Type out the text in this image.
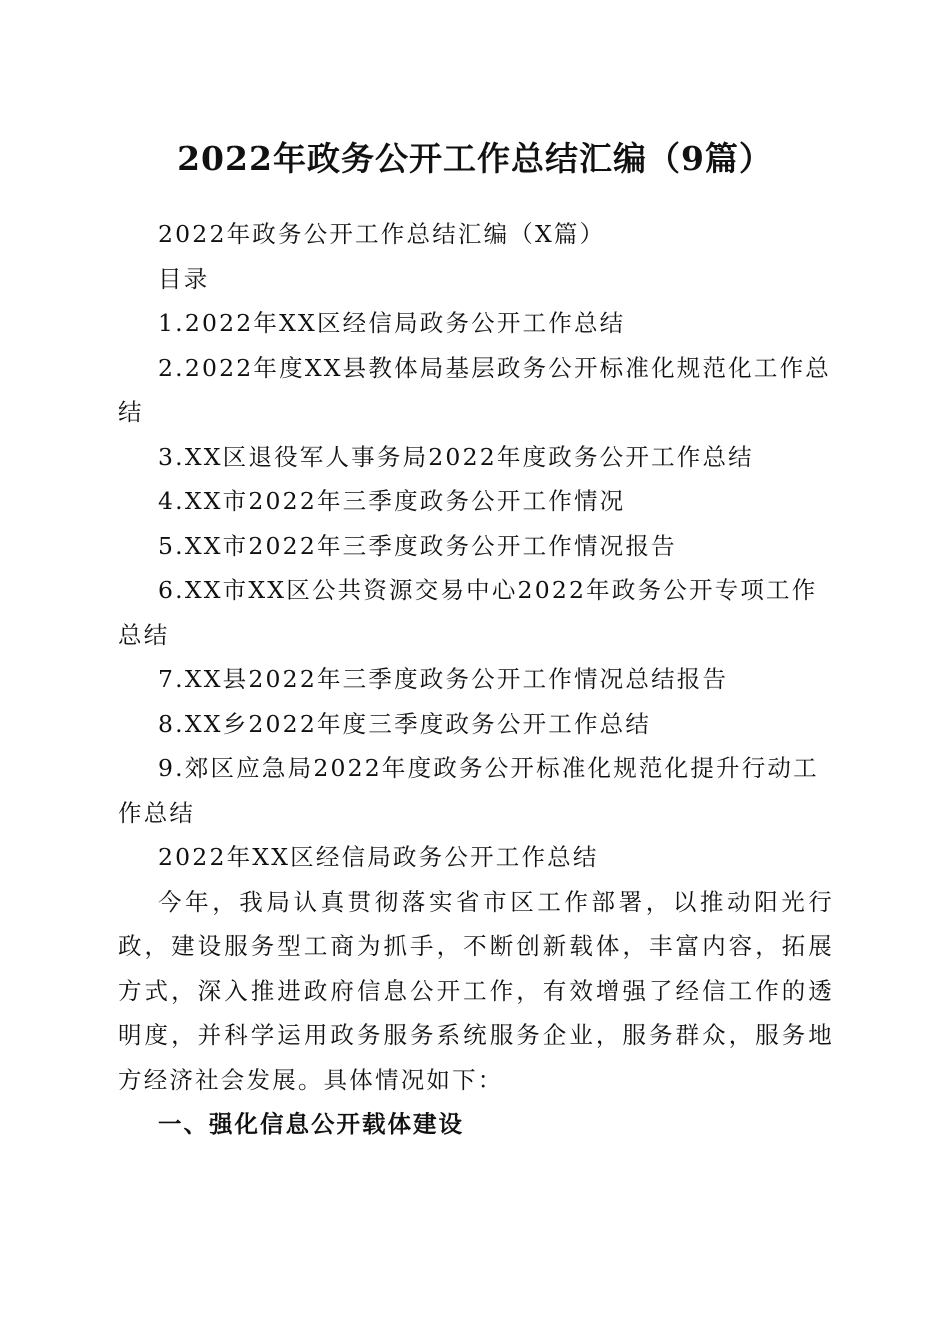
2022年政务公开工作总结汇编（9篇）

2022年政务公开工作总结汇编（X篇）

目录

1.2022年XX区经信局政务公开工作总结

2.2022年度XX县教体局基层政务公开标准化规范化工作总结

3.XX区退役军人事务局2022年度政务公开工作总结

4.XX市2022年三季度政务公开工作情况

5.XX市2022年三季度政务公开工作情况报告

6.XX市XX区公共资源交易中心2022年政务公开专项工作总结

7.XX县2022年三季度政务公开工作情况总结报告

8.XX乡2022年度三季度政务公开工作总结

9.郊区应急局2022年度政务公开标准化规范化提升行动工作总结

2022年XX区经信局政务公开工作总结

今年，我局认真贯彻落实省市区工作部署，以推动阳光行政，建设服务型工商为抓手，不断创新载体，丰富内容，拓展方式，深入推进政府信息公开工作，有效增强了经信工作的透明度，并科学运用政务服务系统服务企业，服务群众，服务地方经济社会发展。具体情况如下：

一、强化信息公开载体建设
